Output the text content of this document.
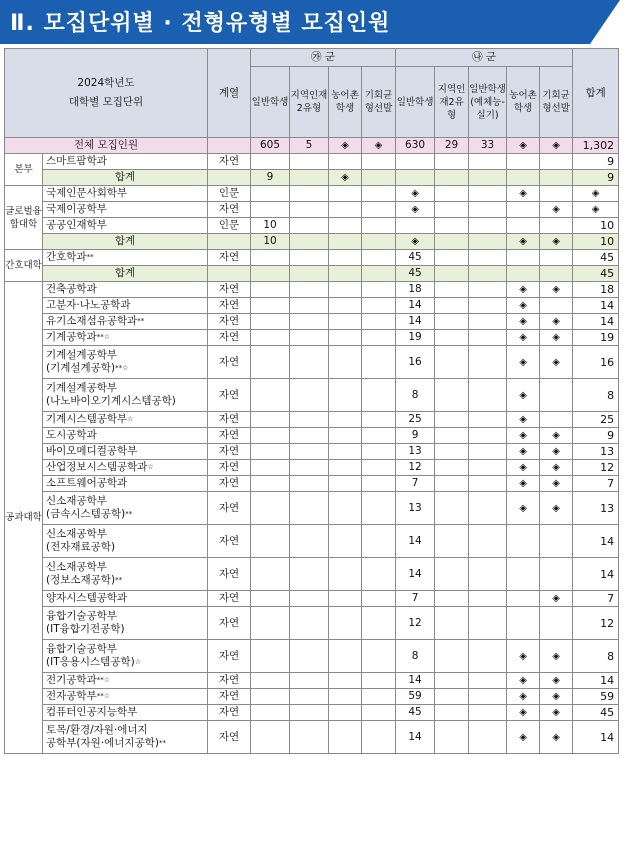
Ⅱ. 모집단위별 · 전형유형별 모집인원
2024학년도
대학별 모집단위		계열	㉮ 군				㉯ 군					합계
			일반학생	지역인재2유형	농어촌학생	기회균형선발	일반학생	지역인재2유형	일반학생(예체능-실기)	농어촌학생	기회균형선발	
전체 모집인원			605	5	◈	◈	630	29	33	◈	◈	1,302
본부	스마트팜학과	자연										9
	합계		9		◈							9
글로벌융합대학	국제인문사회학부	인문					◈			◈		◈
	국제이공학부	자연					◈				◈	◈
	공공인재학부	인문	10									10
	합계		10				◈			◈	◈	10
간호대학	간호학과**	자연					45					45
	합계						45					45
공과대학	건축공학과	자연					18			◈	◈	18
	고분자·나노공학과	자연					14			◈		14
	유기소재섬유공학과**	자연					14			◈	◈	14
	기계공학과**☆	자연					19			◈	◈	19
	기계설계공학부
(기계설계공학)**☆	자연					16			◈	◈	16
	기계설계공학부
(나노바이오기계시스템공학)	자연					8			◈		8
	기계시스템공학부☆	자연					25			◈		25
	도시공학과	자연					9			◈	◈	9
	바이오메디컬공학부	자연					13			◈	◈	13
	산업정보시스템공학과☆	자연					12			◈	◈	12
	소프트웨어공학과	자연					7			◈	◈	7
	신소재공학부
(금속시스템공학)**	자연					13			◈	◈	13
	신소재공학부
(전자재료공학)	자연					14					14
	신소재공학부
(정보소재공학)**	자연					14					14
	양자시스템공학과	자연					7				◈	7
	융합기술공학부
(IT융합기전공학)	자연					12					12
	융합기술공학부
(IT응용시스템공학)☆	자연					8			◈	◈	8
	전기공학과**☆	자연					14			◈	◈	14
	전자공학부**☆	자연					59			◈	◈	59
	컴퓨터인공지능학부	자연					45			◈	◈	45
	토목/환경/자원·에너지
공학부(자원·에너지공학)**	자연					14			◈	◈	14
